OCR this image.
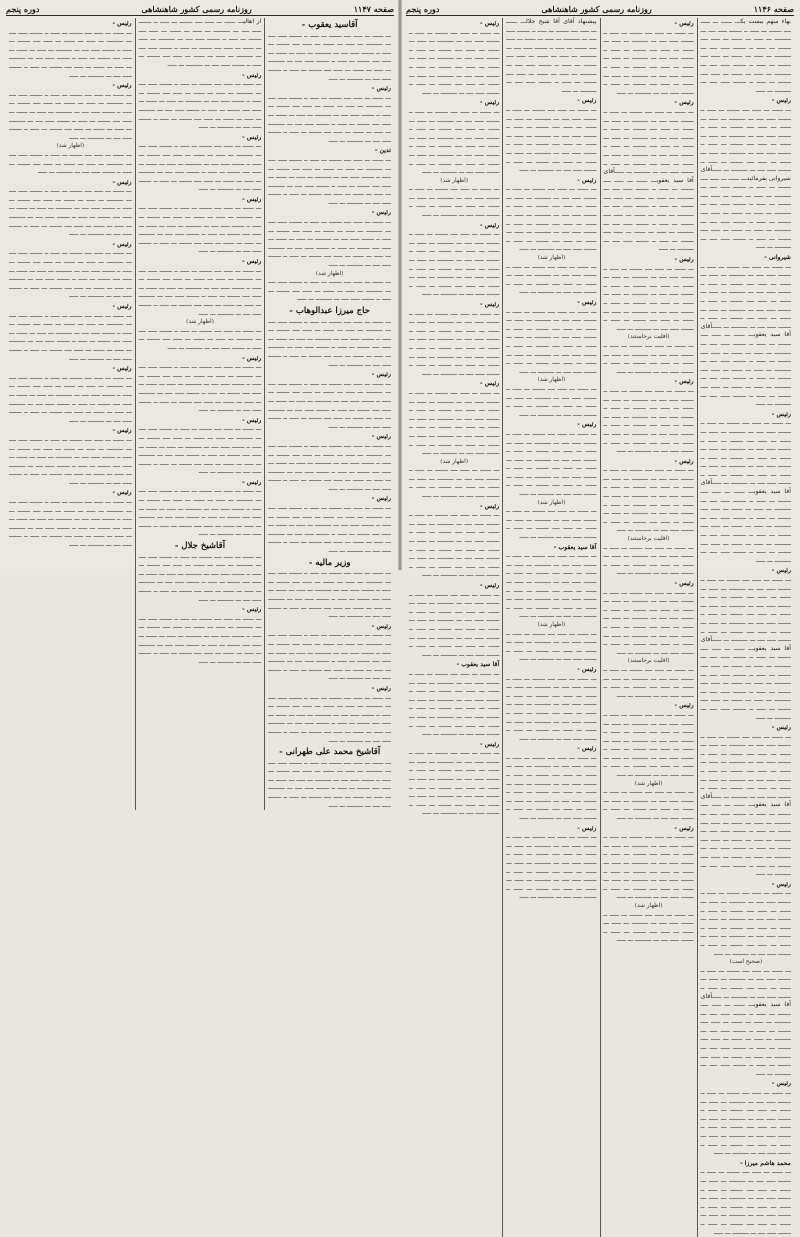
صفحه ۱۱۴۶
روزنامه رسمی کشور شاهنشاهی
دوره پنجم
بهاء سهم بیست یکـــ ــــــ ـــ ـــــ ــــ ـــــــ ـــ ـــــ ــ ـــــــ ـــــ ــــ ـــ ـــــــــ ـــ ـــــ ـــ ــــــ ـــ ـــــ ــــ ـــــــ ـــ ـــــ ــ ـــــــ ـــــ ــــ ـــ ـــــــــ ـــ ـــــ ـــ ــــــ ـــ ـــــ ــــ ـــــــ ـــ ـــــ ــ ـــــــ ـــــ ــــ ـــ ـــــــــ ـــ ـــــ ـــ ــــــ ـــ ـــــ ــــ ـــــــ ـــ ـــــ ــ ـــــــ ـــــ ــــ ـــ ـــــــــ ـــ ـــــ
رئیس -
ـــ ــــــ ـــ ـــــ ــــ ـــــــ ـــ ـــــ ــ ـــــــ ـــــ ــــ ـــ ـــــــــ ـــ ـــــ ـــ ــــــ ـــ ـــــ ــــ ـــــــ ـــ ـــــ ــ ـــــــ ـــــ ــــ ـــ ـــــــــ ـــ ـــــ ـــ ــــــ ـــ ـــــ ــــ ـــــــ ـــ ـــــ ــ ـــــــ ـــــ ــــ ـــ ـــــــــ ـــ ـــــ ـــ ــــــ ـــ ـــــ ــــ ـــــــ ـــ ـــــ ــ ـــــــ ـــــ ــــ ـــ ـــــــــ ـــ ـــــآقای شیروانی بفرمائیدـــ ــــــ ـــ ـــــ ــــ ـــــــ ـــ ـــــ ــ ـــــــ ـــــ ــــ ـــ ـــــــــ ـــ ـــــ ـــ ــــــ ـــ ـــــ ــــ ـــــــ ـــ ـــــ ــ ـــــــ ـــــ ــــ ـــ ـــــــــ ـــ ـــــ ـــ ــــــ ـــ ـــــ ــــ ـــــــ ـــ ـــــ ــ ـــــــ ـــــ ــــ ـــ ـــــــــ ـــ ـــــ ـــ ــــــ ـــ ـــــ ــــ ـــــــ ـــ ـــــ ــ ـــــــ ـــــ ــــ ـــ ـــــــــ ـــ ـــــ
شیروانی -
ـــ ــــــ ـــ ـــــ ــــ ـــــــ ـــ ـــــ ــ ـــــــ ـــــ ــــ ـــ ـــــــــ ـــ ـــــ ـــ ــــــ ـــ ـــــ ــــ ـــــــ ـــ ـــــ ــ ـــــــ ـــــ ــــ ـــ ـــــــــ ـــ ـــــ ـــ ــــــ ـــ ـــــ ــــ ـــــــ ـــ ـــــ ــ ـــــــ ـــــ ــــ ـــ ـــــــــ ـــ ـــــ ـــ ــــــ ـــ ـــــ ــــ ـــــــ ـــ ـــــ ــ ـــــــ ـــــ ــــ ـــ ـــــــــ ـــ ـــــآقای آقا سید یعقوبـــ ــــــ ـــ ـــــ ــــ ـــــــ ـــ ـــــ ــ ـــــــ ـــــ ــــ ـــ ـــــــــ ـــ ـــــ ـــ ــــــ ـــ ـــــ ــــ ـــــــ ـــ ـــــ ــ ـــــــ ـــــ ــــ ـــ ـــــــــ ـــ ـــــ ـــ ــــــ ـــ ـــــ ــــ ـــــــ ـــ ـــــ ــ ـــــــ ـــــ ــــ ـــ ـــــــــ ـــ ـــــ ـــ ــــــ ـــ ـــــ ــــ ـــــــ ـــ ـــــ ــ ـــــــ ـــــ ــــ ـــ ـــــــــ ـــ ـــــ
رئیس -
ـــ ــــــ ـــ ـــــ ــــ ـــــــ ـــ ـــــ ــ ـــــــ ـــــ ــــ ـــ ـــــــــ ـــ ـــــ ـــ ــــــ ـــ ـــــ ــــ ـــــــ ـــ ـــــ ــ ـــــــ ـــــ ــــ ـــ ـــــــــ ـــ ـــــ ـــ ــــــ ـــ ـــــ ــــ ـــــــ ـــ ـــــ ــ ـــــــ ـــــ ــــ ـــ ـــــــــ ـــ ـــــ ـــ ــــــ ـــ ـــــ ــــ ـــــــ ـــ ـــــ ــ ـــــــ ـــــ ــــ ـــ ـــــــــ ـــ ـــــآقای آقا سید یعقوبـــ ــــــ ـــ ـــــ ــــ ـــــــ ـــ ـــــ ــ ـــــــ ـــــ ــــ ـــ ـــــــــ ـــ ـــــ ـــ ــــــ ـــ ـــــ ــــ ـــــــ ـــ ـــــ ــ ـــــــ ـــــ ــــ ـــ ـــــــــ ـــ ـــــ ـــ ــــــ ـــ ـــــ ــــ ـــــــ ـــ ـــــ ــ ـــــــ ـــــ ــــ ـــ ـــــــــ ـــ ـــــ ـــ ــــــ ـــ ـــــ ــــ ـــــــ ـــ ـــــ ــ ـــــــ ـــــ ــــ ـــ ـــــــــ ـــ ـــــ
رئیس -
ـــ ــــــ ـــ ـــــ ــــ ـــــــ ـــ ـــــ ــ ـــــــ ـــــ ــــ ـــ ـــــــــ ـــ ـــــ ـــ ــــــ ـــ ـــــ ــــ ـــــــ ـــ ـــــ ــ ـــــــ ـــــ ــــ ـــ ـــــــــ ـــ ـــــ ـــ ــــــ ـــ ـــــ ــــ ـــــــ ـــ ـــــ ــ ـــــــ ـــــ ــــ ـــ ـــــــــ ـــ ـــــ ـــ ــــــ ـــ ـــــ ــــ ـــــــ ـــ ـــــ ــ ـــــــ ـــــ ــــ ـــ ـــــــــ ـــ ـــــآقای آقا سید یعقوبـــ ــــــ ـــ ـــــ ــــ ـــــــ ـــ ـــــ ــ ـــــــ ـــــ ــــ ـــ ـــــــــ ـــ ـــــ ـــ ــــــ ـــ ـــــ ــــ ـــــــ ـــ ـــــ ــ ـــــــ ـــــ ــــ ـــ ـــــــــ ـــ ـــــ ـــ ــــــ ـــ ـــــ ــــ ـــــــ ـــ ـــــ ــ ـــــــ ـــــ ــــ ـــ ـــــــــ ـــ ـــــ ـــ ــــــ ـــ ـــــ ــــ ـــــــ ـــ ـــــ ــ ـــــــ ـــــ ــــ ـــ ـــــــــ ـــ ـــــ
رئیس -
ـــ ــــــ ـــ ـــــ ــــ ـــــــ ـــ ـــــ ــ ـــــــ ـــــ ــــ ـــ ـــــــــ ـــ ـــــ ـــ ــــــ ـــ ـــــ ــــ ـــــــ ـــ ـــــ ــ ـــــــ ـــــ ــــ ـــ ـــــــــ ـــ ـــــ ـــ ــــــ ـــ ـــــ ــــ ـــــــ ـــ ـــــ ــ ـــــــ ـــــ ــــ ـــ ـــــــــ ـــ ـــــ ـــ ــــــ ـــ ـــــ ــــ ـــــــ ـــ ـــــ ــ ـــــــ ـــــ ــــ ـــ ـــــــــ ـــ ـــــآقای آقا سید یعقوبـــ ــــــ ـــ ـــــ ــــ ـــــــ ـــ ـــــ ــ ـــــــ ـــــ ــــ ـــ ـــــــــ ـــ ـــــ ـــ ــــــ ـــ ـــــ ــــ ـــــــ ـــ ـــــ ــ ـــــــ ـــــ ــــ ـــ ـــــــــ ـــ ـــــ ـــ ــــــ ـــ ـــــ ــــ ـــــــ ـــ ـــــ ــ ـــــــ ـــــ ــــ ـــ ـــــــــ ـــ ـــــ ـــ ــــــ ـــ ـــــ ــــ ـــــــ ـــ ـــــ ــ ـــــــ ـــــ ــــ ـــ ـــــــــ ـــ ـــــ
رئیس -
ـــ ــــــ ـــ ـــــ ــــ ـــــــ ـــ ـــــ ــ ـــــــ ـــــ ــــ ـــ ـــــــــ ـــ ـــــ ـــ ــــــ ـــ ـــــ ــــ ـــــــ ـــ ـــــ ــ ـــــــ ـــــ ــــ ـــ ـــــــــ ـــ ـــــ ـــ ــــــ ـــ ـــــ ــــ ـــــــ ـــ ـــــ ــ ـــــــ ـــــ ــــ ـــ ـــــــــ ـــ ـــــ ـــ ــــــ ـــ ـــــ ــــ ـــــــ ـــ ـــــ ــ ـــــــ ـــــ ــــ ـــ ـــــــــ ـــ ـــــ
(صحیح است)
ـــ ــــــ ـــ ـــــ ــــ ـــــــ ـــ ـــــ ــ ـــــــ ـــــ ــــ ـــ ـــــــــ ـــ ـــــ ـــ ــــــ ـــ ـــــ ــــ ـــــــ ـــ ـــــ ــ ـــــــ ـــــ ــــ ـــ ـــــــــ ـــ ـــــآقای آقا سید یعقوبـــ ــــــ ـــ ـــــ ــــ ـــــــ ـــ ـــــ ــ ـــــــ ـــــ ــــ ـــ ـــــــــ ـــ ـــــ ـــ ــــــ ـــ ـــــ ــــ ـــــــ ـــ ـــــ ــ ـــــــ ـــــ ــــ ـــ ـــــــــ ـــ ـــــ ـــ ــــــ ـــ ـــــ ــــ ـــــــ ـــ ـــــ ــ ـــــــ ـــــ ــــ ـــ ـــــــــ ـــ ـــــ ـــ ــــــ ـــ ـــــ ــــ ـــــــ ـــ ـــــ ــ ـــــــ ـــــ ــــ ـــ ـــــــــ ـــ ـــــ
رئیس -
ـــ ــــــ ـــ ـــــ ــــ ـــــــ ـــ ـــــ ــ ـــــــ ـــــ ــــ ـــ ـــــــــ ـــ ـــــ ـــ ــــــ ـــ ـــــ ــــ ـــــــ ـــ ـــــ ــ ـــــــ ـــــ ــــ ـــ ـــــــــ ـــ ـــــ ـــ ــــــ ـــ ـــــ ــــ ـــــــ ـــ ـــــ ــ ـــــــ ـــــ ــــ ـــ ـــــــــ ـــ ـــــ ـــ ــــــ ـــ ـــــ ــــ ـــــــ ـــ ـــــ ــ ـــــــ ـــــ ــــ ـــ ـــــــــ ـــ ـــــ
محمد هاشم میرزا -
ـــ ــــــ ـــ ـــــ ــــ ـــــــ ـــ ـــــ ــ ـــــــ ـــــ ــــ ـــ ـــــــــ ـــ ـــــ ـــ ــــــ ـــ ـــــ ــــ ـــــــ ـــ ـــــ ــ ـــــــ ـــــ ــــ ـــ ـــــــــ ـــ ـــــ ـــ ــــــ ـــ ـــــ ــــ ـــــــ ـــ ـــــ ــ ـــــــ ـــــ ــــ ـــ ـــــــــ ـــ ـــــ ـــ ــــــ ـــ ـــــ ــــ ـــــــ ـــ ـــــ ــ ـــــــ ـــــ ــــ ـــ ـــــــــ ـــ ـــــ
رئیس -
ـــ ــــــ ـــ ـــــ ــــ ـــــــ ـــ ـــــ ــ ـــــــ ـــــ ــــ ـــ ـــــــــ ـــ ـــــ ـــ ــــــ ـــ ـــــ ــــ ـــــــ ـــ ـــــ ــ ـــــــ ـــــ ــــ ـــ ـــــــــ ـــ ـــــ ـــ ــــــ ـــ ـــــ ــــ ـــــــ ـــ ـــــ ــ ـــــــ ـــــ ــــ ـــ ـــــــــ ـــ ـــــ ـــ ــــــ ـــ ـــــ ــــ ـــــــ ـــ ـــــ ــ ـــــــ ـــــ ــــ ـــ ـــــــــ ـــ ـــــ
رئیس -
ـــ ــــــ ـــ ـــــ ــــ ـــــــ ـــ ـــــ ــ ـــــــ ـــــ ــــ ـــ ـــــــــ ـــ ـــــ ـــ ــــــ ـــ ـــــ ــــ ـــــــ ـــ ـــــ ــ ـــــــ ـــــ ــــ ـــ ـــــــــ ـــ ـــــ ـــ ــــــ ـــ ـــــ ــــ ـــــــ ـــ ـــــ ــ ـــــــ ـــــ ــــ ـــ ـــــــــ ـــ ـــــ ـــ ــــــ ـــ ـــــ ــــ ـــــــ ـــ ـــــ ــ ـــــــ ـــــ ــــ ـــ ـــــــــ ـــ ـــــآقای آقا سید یعقوبـــ ــــــ ـــ ـــــ ــــ ـــــــ ـــ ـــــ ــ ـــــــ ـــــ ــــ ـــ ـــــــــ ـــ ـــــ ـــ ــــــ ـــ ـــــ ــــ ـــــــ ـــ ـــــ ــ ـــــــ ـــــ ــــ ـــ ـــــــــ ـــ ـــــ ـــ ــــــ ـــ ـــــ ــــ ـــــــ ـــ ـــــ ــ ـــــــ ـــــ ــــ ـــ ـــــــــ ـــ ـــــ ـــ ــــــ ـــ ـــــ ــــ ـــــــ ـــ ـــــ ــ ـــــــ ـــــ ــــ ـــ ـــــــــ ـــ ـــــ
رئیس -
ـــ ــــــ ـــ ـــــ ــــ ـــــــ ـــ ـــــ ــ ـــــــ ـــــ ــــ ـــ ـــــــــ ـــ ـــــ ـــ ــــــ ـــ ـــــ ــــ ـــــــ ـــ ـــــ ــ ـــــــ ـــــ ــــ ـــ ـــــــــ ـــ ـــــ ـــ ــــــ ـــ ـــــ ــــ ـــــــ ـــ ـــــ ــ ـــــــ ـــــ ــــ ـــ ـــــــــ ـــ ـــــ ـــ ــــــ ـــ ـــــ ــــ ـــــــ ـــ ـــــ ــ ـــــــ ـــــ ــــ ـــ ـــــــــ ـــ ـــــ
(اقلیت برخاستند)
ـــ ــــــ ـــ ـــــ ــــ ـــــــ ـــ ـــــ ــ ـــــــ ـــــ ــــ ـــ ـــــــــ ـــ ـــــ ـــ ــــــ ـــ ـــــ ــــ ـــــــ ـــ ـــــ ــ ـــــــ ـــــ ــــ ـــ ـــــــــ ـــ ـــــ
رئیس -
ـــ ــــــ ـــ ـــــ ــــ ـــــــ ـــ ـــــ ــ ـــــــ ـــــ ــــ ـــ ـــــــــ ـــ ـــــ ـــ ــــــ ـــ ـــــ ــــ ـــــــ ـــ ـــــ ــ ـــــــ ـــــ ــــ ـــ ـــــــــ ـــ ـــــ ـــ ــــــ ـــ ـــــ ــــ ـــــــ ـــ ـــــ ــ ـــــــ ـــــ ــــ ـــ ـــــــــ ـــ ـــــ ـــ ــــــ ـــ ـــــ ــــ ـــــــ ـــ ـــــ ــ ـــــــ ـــــ ــــ ـــ ـــــــــ ـــ ـــــ
رئیس -
ـــ ــــــ ـــ ـــــ ــــ ـــــــ ـــ ـــــ ــ ـــــــ ـــــ ــــ ـــ ـــــــــ ـــ ـــــ ـــ ــــــ ـــ ـــــ ــــ ـــــــ ـــ ـــــ ــ ـــــــ ـــــ ــــ ـــ ـــــــــ ـــ ـــــ ـــ ــــــ ـــ ـــــ ــــ ـــــــ ـــ ـــــ ــ ـــــــ ـــــ ــــ ـــ ـــــــــ ـــ ـــــ ـــ ــــــ ـــ ـــــ ــــ ـــــــ ـــ ـــــ ــ ـــــــ ـــــ ــــ ـــ ـــــــــ ـــ ـــــ
(اقلیت برخاستند)
ـــ ــــــ ـــ ـــــ ــــ ـــــــ ـــ ـــــ ــ ـــــــ ـــــ ــــ ـــ ـــــــــ ـــ ـــــ ـــ ــــــ ـــ ـــــ ــــ ـــــــ ـــ ـــــ ــ ـــــــ ـــــ ــــ ـــ ـــــــــ ـــ ـــــ
رئیس -
ـــ ــــــ ـــ ـــــ ــــ ـــــــ ـــ ـــــ ــ ـــــــ ـــــ ــــ ـــ ـــــــــ ـــ ـــــ ـــ ــــــ ـــ ـــــ ــــ ـــــــ ـــ ـــــ ــ ـــــــ ـــــ ــــ ـــ ـــــــــ ـــ ـــــ ـــ ــــــ ـــ ـــــ ــــ ـــــــ ـــ ـــــ ــ ـــــــ ـــــ ــــ ـــ ـــــــــ ـــ ـــــ ـــ ــــــ ـــ ـــــ ــــ ـــــــ ـــ ـــــ ــ ـــــــ ـــــ ــــ ـــ ـــــــــ ـــ ـــــ
(اقلیت برخاستند)
ـــ ــــــ ـــ ـــــ ــــ ـــــــ ـــ ـــــ ــ ـــــــ ـــــ ــــ ـــ ـــــــــ ـــ ـــــ ـــ ــــــ ـــ ـــــ ــــ ـــــــ ـــ ـــــ ــ ـــــــ ـــــ ــــ ـــ ـــــــــ ـــ ـــــ
رئیس -
ـــ ــــــ ـــ ـــــ ــــ ـــــــ ـــ ـــــ ــ ـــــــ ـــــ ــــ ـــ ـــــــــ ـــ ـــــ ـــ ــــــ ـــ ـــــ ــــ ـــــــ ـــ ـــــ ــ ـــــــ ـــــ ــــ ـــ ـــــــــ ـــ ـــــ ـــ ــــــ ـــ ـــــ ــــ ـــــــ ـــ ـــــ ــ ـــــــ ـــــ ــــ ـــ ـــــــــ ـــ ـــــ ـــ ــــــ ـــ ـــــ ــــ ـــــــ ـــ ـــــ ــ ـــــــ ـــــ ــــ ـــ ـــــــــ ـــ ـــــ
(اظهار شد)
ـــ ــــــ ـــ ـــــ ــــ ـــــــ ـــ ـــــ ــ ـــــــ ـــــ ــــ ـــ ـــــــــ ـــ ـــــ ـــ ــــــ ـــ ـــــ ــــ ـــــــ ـــ ـــــ ــ ـــــــ ـــــ ــــ ـــ ـــــــــ ـــ ـــــ
رئیس -
ـــ ــــــ ـــ ـــــ ــــ ـــــــ ـــ ـــــ ــ ـــــــ ـــــ ــــ ـــ ـــــــــ ـــ ـــــ ـــ ــــــ ـــ ـــــ ــــ ـــــــ ـــ ـــــ ــ ـــــــ ـــــ ــــ ـــ ـــــــــ ـــ ـــــ ـــ ــــــ ـــ ـــــ ــــ ـــــــ ـــ ـــــ ــ ـــــــ ـــــ ــــ ـــ ـــــــــ ـــ ـــــ ـــ ــــــ ـــ ـــــ ــــ ـــــــ ـــ ـــــ ــ ـــــــ ـــــ ــــ ـــ ـــــــــ ـــ ـــــ
(اظهار شد)
ـــ ــــــ ـــ ـــــ ــــ ـــــــ ـــ ـــــ ــ ـــــــ ـــــ ــــ ـــ ـــــــــ ـــ ـــــ ـــ ــــــ ـــ ـــــ ــــ ـــــــ ـــ ـــــ ــ ـــــــ ـــــ ــــ ـــ ـــــــــ ـــ ـــــ
پیشنهاد آقای آقا شیخ جلالـــ ــــــ ـــ ـــــ ــــ ـــــــ ـــ ـــــ ــ ـــــــ ـــــ ــــ ـــ ـــــــــ ـــ ـــــ ـــ ــــــ ـــ ـــــ ــــ ـــــــ ـــ ـــــ ــ ـــــــ ـــــ ــــ ـــ ـــــــــ ـــ ـــــ ـــ ــــــ ـــ ـــــ ــــ ـــــــ ـــ ـــــ ــ ـــــــ ـــــ ــــ ـــ ـــــــــ ـــ ـــــ ـــ ــــــ ـــ ـــــ ــــ ـــــــ ـــ ـــــ ــ ـــــــ ـــــ ــــ ـــ ـــــــــ ـــ ـــــ
رئیس -
ـــ ــــــ ـــ ـــــ ــــ ـــــــ ـــ ـــــ ــ ـــــــ ـــــ ــــ ـــ ـــــــــ ـــ ـــــ ـــ ــــــ ـــ ـــــ ــــ ـــــــ ـــ ـــــ ــ ـــــــ ـــــ ــــ ـــ ـــــــــ ـــ ـــــ ـــ ــــــ ـــ ـــــ ــــ ـــــــ ـــ ـــــ ــ ـــــــ ـــــ ــــ ـــ ـــــــــ ـــ ـــــ ـــ ــــــ ـــ ـــــ ــــ ـــــــ ـــ ـــــ ــ ـــــــ ـــــ ــــ ـــ ـــــــــ ـــ ـــــ
رئیس -
ـــ ــــــ ـــ ـــــ ــــ ـــــــ ـــ ـــــ ــ ـــــــ ـــــ ــــ ـــ ـــــــــ ـــ ـــــ ـــ ــــــ ـــ ـــــ ــــ ـــــــ ـــ ـــــ ــ ـــــــ ـــــ ــــ ـــ ـــــــــ ـــ ـــــ ـــ ــــــ ـــ ـــــ ــــ ـــــــ ـــ ـــــ ــ ـــــــ ـــــ ــــ ـــ ـــــــــ ـــ ـــــ ـــ ــــــ ـــ ـــــ ــــ ـــــــ ـــ ـــــ ــ ـــــــ ـــــ ــــ ـــ ـــــــــ ـــ ـــــ
(اظهار شد)
ـــ ــــــ ـــ ـــــ ــــ ـــــــ ـــ ـــــ ــ ـــــــ ـــــ ــــ ـــ ـــــــــ ـــ ـــــ ـــ ــــــ ـــ ـــــ ــــ ـــــــ ـــ ـــــ ــ ـــــــ ـــــ ــــ ـــ ـــــــــ ـــ ـــــ
رئیس -
ـــ ــــــ ـــ ـــــ ــــ ـــــــ ـــ ـــــ ــ ـــــــ ـــــ ــــ ـــ ـــــــــ ـــ ـــــ ـــ ــــــ ـــ ـــــ ــــ ـــــــ ـــ ـــــ ــ ـــــــ ـــــ ــــ ـــ ـــــــــ ـــ ـــــ ـــ ــــــ ـــ ـــــ ــــ ـــــــ ـــ ـــــ ــ ـــــــ ـــــ ــــ ـــ ـــــــــ ـــ ـــــ ـــ ــــــ ـــ ـــــ ــــ ـــــــ ـــ ـــــ ــ ـــــــ ـــــ ــــ ـــ ـــــــــ ـــ ـــــ
(اظهار شد)
ـــ ــــــ ـــ ـــــ ــــ ـــــــ ـــ ـــــ ــ ـــــــ ـــــ ــــ ـــ ـــــــــ ـــ ـــــ ـــ ــــــ ـــ ـــــ ــــ ـــــــ ـــ ـــــ ــ ـــــــ ـــــ ــــ ـــ ـــــــــ ـــ ـــــ
رئیس -
ـــ ــــــ ـــ ـــــ ــــ ـــــــ ـــ ـــــ ــ ـــــــ ـــــ ــــ ـــ ـــــــــ ـــ ـــــ ـــ ــــــ ـــ ـــــ ــــ ـــــــ ـــ ـــــ ــ ـــــــ ـــــ ــــ ـــ ـــــــــ ـــ ـــــ ـــ ــــــ ـــ ـــــ ــــ ـــــــ ـــ ـــــ ــ ـــــــ ـــــ ــــ ـــ ـــــــــ ـــ ـــــ ـــ ــــــ ـــ ـــــ ــــ ـــــــ ـــ ـــــ ــ ـــــــ ـــــ ــــ ـــ ـــــــــ ـــ ـــــ
(اظهار شد)
ـــ ــــــ ـــ ـــــ ــــ ـــــــ ـــ ـــــ ــ ـــــــ ـــــ ــــ ـــ ـــــــــ ـــ ـــــ ـــ ــــــ ـــ ـــــ ــــ ـــــــ ـــ ـــــ ــ ـــــــ ـــــ ــــ ـــ ـــــــــ ـــ ـــــ
آقا سید یعقوب -
ـــ ــــــ ـــ ـــــ ــــ ـــــــ ـــ ـــــ ــ ـــــــ ـــــ ــــ ـــ ـــــــــ ـــ ـــــ ـــ ــــــ ـــ ـــــ ــــ ـــــــ ـــ ـــــ ــ ـــــــ ـــــ ــــ ـــ ـــــــــ ـــ ـــــ ـــ ــــــ ـــ ـــــ ــــ ـــــــ ـــ ـــــ ــ ـــــــ ـــــ ــــ ـــ ـــــــــ ـــ ـــــ ـــ ــــــ ـــ ـــــ ــــ ـــــــ ـــ ـــــ ــ ـــــــ ـــــ ــــ ـــ ـــــــــ ـــ ـــــ
(اظهار شد)
ـــ ــــــ ـــ ـــــ ــــ ـــــــ ـــ ـــــ ــ ـــــــ ـــــ ــــ ـــ ـــــــــ ـــ ـــــ ـــ ــــــ ـــ ـــــ ــــ ـــــــ ـــ ـــــ ــ ـــــــ ـــــ ــــ ـــ ـــــــــ ـــ ـــــ
رئیس -
ـــ ــــــ ـــ ـــــ ــــ ـــــــ ـــ ـــــ ــ ـــــــ ـــــ ــــ ـــ ـــــــــ ـــ ـــــ ـــ ــــــ ـــ ـــــ ــــ ـــــــ ـــ ـــــ ــ ـــــــ ـــــ ــــ ـــ ـــــــــ ـــ ـــــ ـــ ــــــ ـــ ـــــ ــــ ـــــــ ـــ ـــــ ــ ـــــــ ـــــ ــــ ـــ ـــــــــ ـــ ـــــ ـــ ــــــ ـــ ـــــ ــــ ـــــــ ـــ ـــــ ــ ـــــــ ـــــ ــــ ـــ ـــــــــ ـــ ـــــ
رئیس -
ـــ ــــــ ـــ ـــــ ــــ ـــــــ ـــ ـــــ ــ ـــــــ ـــــ ــــ ـــ ـــــــــ ـــ ـــــ ـــ ــــــ ـــ ـــــ ــــ ـــــــ ـــ ـــــ ــ ـــــــ ـــــ ــــ ـــ ـــــــــ ـــ ـــــ ـــ ــــــ ـــ ـــــ ــــ ـــــــ ـــ ـــــ ــ ـــــــ ـــــ ــــ ـــ ـــــــــ ـــ ـــــ ـــ ــــــ ـــ ـــــ ــــ ـــــــ ـــ ـــــ ــ ـــــــ ـــــ ــــ ـــ ـــــــــ ـــ ـــــ
رئیس -
ـــ ــــــ ـــ ـــــ ــــ ـــــــ ـــ ـــــ ــ ـــــــ ـــــ ــــ ـــ ـــــــــ ـــ ـــــ ـــ ــــــ ـــ ـــــ ــــ ـــــــ ـــ ـــــ ــ ـــــــ ـــــ ــــ ـــ ـــــــــ ـــ ـــــ ـــ ــــــ ـــ ـــــ ــــ ـــــــ ـــ ـــــ ــ ـــــــ ـــــ ــــ ـــ ـــــــــ ـــ ـــــ ـــ ــــــ ـــ ـــــ ــــ ـــــــ ـــ ـــــ ــ ـــــــ ـــــ ــــ ـــ ـــــــــ ـــ ـــــ
رئیس -
ـــ ــــــ ـــ ـــــ ــــ ـــــــ ـــ ـــــ ــ ـــــــ ـــــ ــــ ـــ ـــــــــ ـــ ـــــ ـــ ــــــ ـــ ـــــ ــــ ـــــــ ـــ ـــــ ــ ـــــــ ـــــ ــــ ـــ ـــــــــ ـــ ـــــ ـــ ــــــ ـــ ـــــ ــــ ـــــــ ـــ ـــــ ــ ـــــــ ـــــ ــــ ـــ ـــــــــ ـــ ـــــ ـــ ــــــ ـــ ـــــ ــــ ـــــــ ـــ ـــــ ــ ـــــــ ـــــ ــــ ـــ ـــــــــ ـــ ـــــ
رئیس -
ـــ ــــــ ـــ ـــــ ــــ ـــــــ ـــ ـــــ ــ ـــــــ ـــــ ــــ ـــ ـــــــــ ـــ ـــــ ـــ ــــــ ـــ ـــــ ــــ ـــــــ ـــ ـــــ ــ ـــــــ ـــــ ــــ ـــ ـــــــــ ـــ ـــــ ـــ ــــــ ـــ ـــــ ــــ ـــــــ ـــ ـــــ ــ ـــــــ ـــــ ــــ ـــ ـــــــــ ـــ ـــــ ـــ ــــــ ـــ ـــــ ــــ ـــــــ ـــ ـــــ ــ ـــــــ ـــــ ــــ ـــ ـــــــــ ـــ ـــــ
(اظهار شد)
ـــ ــــــ ـــ ـــــ ــــ ـــــــ ـــ ـــــ ــ ـــــــ ـــــ ــــ ـــ ـــــــــ ـــ ـــــ ـــ ــــــ ـــ ـــــ ــــ ـــــــ ـــ ـــــ ــ ـــــــ ـــــ ــــ ـــ ـــــــــ ـــ ـــــ
رئیس -
ـــ ــــــ ـــ ـــــ ــــ ـــــــ ـــ ـــــ ــ ـــــــ ـــــ ــــ ـــ ـــــــــ ـــ ـــــ ـــ ــــــ ـــ ـــــ ــــ ـــــــ ـــ ـــــ ــ ـــــــ ـــــ ــــ ـــ ـــــــــ ـــ ـــــ ـــ ــــــ ـــ ـــــ ــــ ـــــــ ـــ ـــــ ــ ـــــــ ـــــ ــــ ـــ ـــــــــ ـــ ـــــ ـــ ــــــ ـــ ـــــ ــــ ـــــــ ـــ ـــــ ــ ـــــــ ـــــ ــــ ـــ ـــــــــ ـــ ـــــ
رئیس -
ـــ ــــــ ـــ ـــــ ــــ ـــــــ ـــ ـــــ ــ ـــــــ ـــــ ــــ ـــ ـــــــــ ـــ ـــــ ـــ ــــــ ـــ ـــــ ــــ ـــــــ ـــ ـــــ ــ ـــــــ ـــــ ــــ ـــ ـــــــــ ـــ ـــــ ـــ ــــــ ـــ ـــــ ــــ ـــــــ ـــ ـــــ ــ ـــــــ ـــــ ــــ ـــ ـــــــــ ـــ ـــــ ـــ ــــــ ـــ ـــــ ــــ ـــــــ ـــ ـــــ ــ ـــــــ ـــــ ــــ ـــ ـــــــــ ـــ ـــــ
رئیس -
ـــ ــــــ ـــ ـــــ ــــ ـــــــ ـــ ـــــ ــ ـــــــ ـــــ ــــ ـــ ـــــــــ ـــ ـــــ ـــ ــــــ ـــ ـــــ ــــ ـــــــ ـــ ـــــ ــ ـــــــ ـــــ ــــ ـــ ـــــــــ ـــ ـــــ ـــ ــــــ ـــ ـــــ ــــ ـــــــ ـــ ـــــ ــ ـــــــ ـــــ ــــ ـــ ـــــــــ ـــ ـــــ ـــ ــــــ ـــ ـــــ ــــ ـــــــ ـــ ـــــ ــ ـــــــ ـــــ ــــ ـــ ـــــــــ ـــ ـــــ
(اظهار شد)
ـــ ــــــ ـــ ـــــ ــــ ـــــــ ـــ ـــــ ــ ـــــــ ـــــ ــــ ـــ ـــــــــ ـــ ـــــ ـــ ــــــ ـــ ـــــ ــــ ـــــــ ـــ ـــــ ــ ـــــــ ـــــ ــــ ـــ ـــــــــ ـــ ـــــ
رئیس -
ـــ ــــــ ـــ ـــــ ــــ ـــــــ ـــ ـــــ ــ ـــــــ ـــــ ــــ ـــ ـــــــــ ـــ ـــــ ـــ ــــــ ـــ ـــــ ــــ ـــــــ ـــ ـــــ ــ ـــــــ ـــــ ــــ ـــ ـــــــــ ـــ ـــــ ـــ ــــــ ـــ ـــــ ــــ ـــــــ ـــ ـــــ ــ ـــــــ ـــــ ــــ ـــ ـــــــــ ـــ ـــــ ـــ ــــــ ـــ ـــــ ــــ ـــــــ ـــ ـــــ ــ ـــــــ ـــــ ــــ ـــ ـــــــــ ـــ ـــــ
رئیس -
ـــ ــــــ ـــ ـــــ ــــ ـــــــ ـــ ـــــ ــ ـــــــ ـــــ ــــ ـــ ـــــــــ ـــ ـــــ ـــ ــــــ ـــ ـــــ ــــ ـــــــ ـــ ـــــ ــ ـــــــ ـــــ ــــ ـــ ـــــــــ ـــ ـــــ ـــ ــــــ ـــ ـــــ ــــ ـــــــ ـــ ـــــ ــ ـــــــ ـــــ ــــ ـــ ـــــــــ ـــ ـــــ ـــ ــــــ ـــ ـــــ ــــ ـــــــ ـــ ـــــ ــ ـــــــ ـــــ ــــ ـــ ـــــــــ ـــ ـــــ
آقا سید یعقوب -
ـــ ــــــ ـــ ـــــ ــــ ـــــــ ـــ ـــــ ــ ـــــــ ـــــ ــــ ـــ ـــــــــ ـــ ـــــ ـــ ــــــ ـــ ـــــ ــــ ـــــــ ـــ ـــــ ــ ـــــــ ـــــ ــــ ـــ ـــــــــ ـــ ـــــ ـــ ــــــ ـــ ـــــ ــــ ـــــــ ـــ ـــــ ــ ـــــــ ـــــ ــــ ـــ ـــــــــ ـــ ـــــ ـــ ــــــ ـــ ـــــ ــــ ـــــــ ـــ ـــــ ــ ـــــــ ـــــ ــــ ـــ ـــــــــ ـــ ـــــ
رئیس -
ـــ ــــــ ـــ ـــــ ــــ ـــــــ ـــ ـــــ ــ ـــــــ ـــــ ــــ ـــ ـــــــــ ـــ ـــــ ـــ ــــــ ـــ ـــــ ــــ ـــــــ ـــ ـــــ ــ ـــــــ ـــــ ــــ ـــ ـــــــــ ـــ ـــــ ـــ ــــــ ـــ ـــــ ــــ ـــــــ ـــ ـــــ ــ ـــــــ ـــــ ــــ ـــ ـــــــــ ـــ ـــــ ـــ ــــــ ـــ ـــــ ــــ ـــــــ ـــ ـــــ ــ ـــــــ ـــــ ــــ ـــ ـــــــــ ـــ ـــــ
صفحه ۱۱۴۷
روزنامه رسمی کشور شاهنشاهی
دوره پنجم
آقاسید یعقوب -
ـــ ــــــ ـــ ـــــ ــــ ـــــــ ـــ ـــــ ــ ـــــــ ـــــ ــــ ـــ ـــــــــ ـــ ـــــ ـــ ــــــ ـــ ـــــ ــــ ـــــــ ـــ ـــــ ــ ـــــــ ـــــ ــــ ـــ ـــــــــ ـــ ـــــ ـــ ــــــ ـــ ـــــ ــــ ـــــــ ـــ ـــــ ــ ـــــــ ـــــ ــــ ـــ ـــــــــ ـــ ـــــ ـــ ــــــ ـــ ـــــ ــــ ـــــــ ـــ ـــــ ــ ـــــــ ـــــ ــــ ـــ ـــــــــ ـــ ـــــ
رئیس -
ـــ ــــــ ـــ ـــــ ــــ ـــــــ ـــ ـــــ ــ ـــــــ ـــــ ــــ ـــ ـــــــــ ـــ ـــــ ـــ ــــــ ـــ ـــــ ــــ ـــــــ ـــ ـــــ ــ ـــــــ ـــــ ــــ ـــ ـــــــــ ـــ ـــــ ـــ ــــــ ـــ ـــــ ــــ ـــــــ ـــ ـــــ ــ ـــــــ ـــــ ــــ ـــ ـــــــــ ـــ ـــــ ـــ ــــــ ـــ ـــــ ــــ ـــــــ ـــ ـــــ ــ ـــــــ ـــــ ــــ ـــ ـــــــــ ـــ ـــــ
تدین -
ـــ ــــــ ـــ ـــــ ــــ ـــــــ ـــ ـــــ ــ ـــــــ ـــــ ــــ ـــ ـــــــــ ـــ ـــــ ـــ ــــــ ـــ ـــــ ــــ ـــــــ ـــ ـــــ ــ ـــــــ ـــــ ــــ ـــ ـــــــــ ـــ ـــــ ـــ ــــــ ـــ ـــــ ــــ ـــــــ ـــ ـــــ ــ ـــــــ ـــــ ــــ ـــ ـــــــــ ـــ ـــــ ـــ ــــــ ـــ ـــــ ــــ ـــــــ ـــ ـــــ ــ ـــــــ ـــــ ــــ ـــ ـــــــــ ـــ ـــــ
رئیس -
ـــ ــــــ ـــ ـــــ ــــ ـــــــ ـــ ـــــ ــ ـــــــ ـــــ ــــ ـــ ـــــــــ ـــ ـــــ ـــ ــــــ ـــ ـــــ ــــ ـــــــ ـــ ـــــ ــ ـــــــ ـــــ ــــ ـــ ـــــــــ ـــ ـــــ ـــ ــــــ ـــ ـــــ ــــ ـــــــ ـــ ـــــ ــ ـــــــ ـــــ ــــ ـــ ـــــــــ ـــ ـــــ ـــ ــــــ ـــ ـــــ ــــ ـــــــ ـــ ـــــ ــ ـــــــ ـــــ ــــ ـــ ـــــــــ ـــ ـــــ
(اظهار شد)
ـــ ــــــ ـــ ـــــ ــــ ـــــــ ـــ ـــــ ــ ـــــــ ـــــ ــــ ـــ ـــــــــ ـــ ـــــ ـــ ــــــ ـــ ـــــ ــــ ـــــــ ـــ ـــــ ــ ـــــــ ـــــ ــــ ـــ ـــــــــ ـــ ـــــ
حاج میرزا عبدالوهاب -
ـــ ــــــ ـــ ـــــ ــــ ـــــــ ـــ ـــــ ــ ـــــــ ـــــ ــــ ـــ ـــــــــ ـــ ـــــ ـــ ــــــ ـــ ـــــ ــــ ـــــــ ـــ ـــــ ــ ـــــــ ـــــ ــــ ـــ ـــــــــ ـــ ـــــ ـــ ــــــ ـــ ـــــ ــــ ـــــــ ـــ ـــــ ــ ـــــــ ـــــ ــــ ـــ ـــــــــ ـــ ـــــ ـــ ــــــ ـــ ـــــ ــــ ـــــــ ـــ ـــــ ــ ـــــــ ـــــ ــــ ـــ ـــــــــ ـــ ـــــ
رئیس -
ـــ ــــــ ـــ ـــــ ــــ ـــــــ ـــ ـــــ ــ ـــــــ ـــــ ــــ ـــ ـــــــــ ـــ ـــــ ـــ ــــــ ـــ ـــــ ــــ ـــــــ ـــ ـــــ ــ ـــــــ ـــــ ــــ ـــ ـــــــــ ـــ ـــــ ـــ ــــــ ـــ ـــــ ــــ ـــــــ ـــ ـــــ ــ ـــــــ ـــــ ــــ ـــ ـــــــــ ـــ ـــــ ـــ ــــــ ـــ ـــــ ــــ ـــــــ ـــ ـــــ ــ ـــــــ ـــــ ــــ ـــ ـــــــــ ـــ ـــــ
رئیس -
ـــ ــــــ ـــ ـــــ ــــ ـــــــ ـــ ـــــ ــ ـــــــ ـــــ ــــ ـــ ـــــــــ ـــ ـــــ ـــ ــــــ ـــ ـــــ ــــ ـــــــ ـــ ـــــ ــ ـــــــ ـــــ ــــ ـــ ـــــــــ ـــ ـــــ ـــ ــــــ ـــ ـــــ ــــ ـــــــ ـــ ـــــ ــ ـــــــ ـــــ ــــ ـــ ـــــــــ ـــ ـــــ ـــ ــــــ ـــ ـــــ ــــ ـــــــ ـــ ـــــ ــ ـــــــ ـــــ ــــ ـــ ـــــــــ ـــ ـــــ
رئیس -
ـــ ــــــ ـــ ـــــ ــــ ـــــــ ـــ ـــــ ــ ـــــــ ـــــ ــــ ـــ ـــــــــ ـــ ـــــ ـــ ــــــ ـــ ـــــ ــــ ـــــــ ـــ ـــــ ــ ـــــــ ـــــ ــــ ـــ ـــــــــ ـــ ـــــ ـــ ــــــ ـــ ـــــ ــــ ـــــــ ـــ ـــــ ــ ـــــــ ـــــ ــــ ـــ ـــــــــ ـــ ـــــ ـــ ــــــ ـــ ـــــ ــــ ـــــــ ـــ ـــــ ــ ـــــــ ـــــ ــــ ـــ ـــــــــ ـــ ـــــ
وزیر مالیه -
ـــ ــــــ ـــ ـــــ ــــ ـــــــ ـــ ـــــ ــ ـــــــ ـــــ ــــ ـــ ـــــــــ ـــ ـــــ ـــ ــــــ ـــ ـــــ ــــ ـــــــ ـــ ـــــ ــ ـــــــ ـــــ ــــ ـــ ـــــــــ ـــ ـــــ ـــ ــــــ ـــ ـــــ ــــ ـــــــ ـــ ـــــ ــ ـــــــ ـــــ ــــ ـــ ـــــــــ ـــ ـــــ ـــ ــــــ ـــ ـــــ ــــ ـــــــ ـــ ـــــ ــ ـــــــ ـــــ ــــ ـــ ـــــــــ ـــ ـــــ
رئیس -
ـــ ــــــ ـــ ـــــ ــــ ـــــــ ـــ ـــــ ــ ـــــــ ـــــ ــــ ـــ ـــــــــ ـــ ـــــ ـــ ــــــ ـــ ـــــ ــــ ـــــــ ـــ ـــــ ــ ـــــــ ـــــ ــــ ـــ ـــــــــ ـــ ـــــ ـــ ــــــ ـــ ـــــ ــــ ـــــــ ـــ ـــــ ــ ـــــــ ـــــ ــــ ـــ ـــــــــ ـــ ـــــ ـــ ــــــ ـــ ـــــ ــــ ـــــــ ـــ ـــــ ــ ـــــــ ـــــ ــــ ـــ ـــــــــ ـــ ـــــ
رئیس -
ـــ ــــــ ـــ ـــــ ــــ ـــــــ ـــ ـــــ ــ ـــــــ ـــــ ــــ ـــ ـــــــــ ـــ ـــــ ـــ ــــــ ـــ ـــــ ــــ ـــــــ ـــ ـــــ ــ ـــــــ ـــــ ــــ ـــ ـــــــــ ـــ ـــــ ـــ ــــــ ـــ ـــــ ــــ ـــــــ ـــ ـــــ ــ ـــــــ ـــــ ــــ ـــ ـــــــــ ـــ ـــــ ـــ ــــــ ـــ ـــــ ــــ ـــــــ ـــ ـــــ ــ ـــــــ ـــــ ــــ ـــ ـــــــــ ـــ ـــــ
آقاشیخ محمد علی طهرانی -
ـــ ــــــ ـــ ـــــ ــــ ـــــــ ـــ ـــــ ــ ـــــــ ـــــ ــــ ـــ ـــــــــ ـــ ـــــ ـــ ــــــ ـــ ـــــ ــــ ـــــــ ـــ ـــــ ــ ـــــــ ـــــ ــــ ـــ ـــــــــ ـــ ـــــ ـــ ــــــ ـــ ـــــ ــــ ـــــــ ـــ ـــــ ــ ـــــــ ـــــ ــــ ـــ ـــــــــ ـــ ـــــ ـــ ــــــ ـــ ـــــ ــــ ـــــــ ـــ ـــــ ــ ـــــــ ـــــ ــــ ـــ ـــــــــ ـــ ـــــ
از اهالیـــ ــــــ ـــ ـــــ ــــ ـــــــ ـــ ـــــ ــ ـــــــ ـــــ ــــ ـــ ـــــــــ ـــ ـــــ ـــ ــــــ ـــ ـــــ ــــ ـــــــ ـــ ـــــ ــ ـــــــ ـــــ ــــ ـــ ـــــــــ ـــ ـــــ ـــ ــــــ ـــ ـــــ ــــ ـــــــ ـــ ـــــ ــ ـــــــ ـــــ ــــ ـــ ـــــــــ ـــ ـــــ ـــ ــــــ ـــ ـــــ ــــ ـــــــ ـــ ـــــ ــ ـــــــ ـــــ ــــ ـــ ـــــــــ ـــ ـــــ
رئیس -
ـــ ــــــ ـــ ـــــ ــــ ـــــــ ـــ ـــــ ــ ـــــــ ـــــ ــــ ـــ ـــــــــ ـــ ـــــ ـــ ــــــ ـــ ـــــ ــــ ـــــــ ـــ ـــــ ــ ـــــــ ـــــ ــــ ـــ ـــــــــ ـــ ـــــ ـــ ــــــ ـــ ـــــ ــــ ـــــــ ـــ ـــــ ــ ـــــــ ـــــ ــــ ـــ ـــــــــ ـــ ـــــ ـــ ــــــ ـــ ـــــ ــــ ـــــــ ـــ ـــــ ــ ـــــــ ـــــ ــــ ـــ ـــــــــ ـــ ـــــ
رئیس -
ـــ ــــــ ـــ ـــــ ــــ ـــــــ ـــ ـــــ ــ ـــــــ ـــــ ــــ ـــ ـــــــــ ـــ ـــــ ـــ ــــــ ـــ ـــــ ــــ ـــــــ ـــ ـــــ ــ ـــــــ ـــــ ــــ ـــ ـــــــــ ـــ ـــــ ـــ ــــــ ـــ ـــــ ــــ ـــــــ ـــ ـــــ ــ ـــــــ ـــــ ــــ ـــ ـــــــــ ـــ ـــــ ـــ ــــــ ـــ ـــــ ــــ ـــــــ ـــ ـــــ ــ ـــــــ ـــــ ــــ ـــ ـــــــــ ـــ ـــــ
رئیس -
ـــ ــــــ ـــ ـــــ ــــ ـــــــ ـــ ـــــ ــ ـــــــ ـــــ ــــ ـــ ـــــــــ ـــ ـــــ ـــ ــــــ ـــ ـــــ ــــ ـــــــ ـــ ـــــ ــ ـــــــ ـــــ ــــ ـــ ـــــــــ ـــ ـــــ ـــ ــــــ ـــ ـــــ ــــ ـــــــ ـــ ـــــ ــ ـــــــ ـــــ ــــ ـــ ـــــــــ ـــ ـــــ ـــ ــــــ ـــ ـــــ ــــ ـــــــ ـــ ـــــ ــ ـــــــ ـــــ ــــ ـــ ـــــــــ ـــ ـــــ
رئیس -
ـــ ــــــ ـــ ـــــ ــــ ـــــــ ـــ ـــــ ــ ـــــــ ـــــ ــــ ـــ ـــــــــ ـــ ـــــ ـــ ــــــ ـــ ـــــ ــــ ـــــــ ـــ ـــــ ــ ـــــــ ـــــ ــــ ـــ ـــــــــ ـــ ـــــ ـــ ــــــ ـــ ـــــ ــــ ـــــــ ـــ ـــــ ــ ـــــــ ـــــ ــــ ـــ ـــــــــ ـــ ـــــ ـــ ــــــ ـــ ـــــ ــــ ـــــــ ـــ ـــــ ــ ـــــــ ـــــ ــــ ـــ ـــــــــ ـــ ـــــ
(اظهار شد)
ـــ ــــــ ـــ ـــــ ــــ ـــــــ ـــ ـــــ ــ ـــــــ ـــــ ــــ ـــ ـــــــــ ـــ ـــــ ـــ ــــــ ـــ ـــــ ــــ ـــــــ ـــ ـــــ ــ ـــــــ ـــــ ــــ ـــ ـــــــــ ـــ ـــــ
رئیس -
ـــ ــــــ ـــ ـــــ ــــ ـــــــ ـــ ـــــ ــ ـــــــ ـــــ ــــ ـــ ـــــــــ ـــ ـــــ ـــ ــــــ ـــ ـــــ ــــ ـــــــ ـــ ـــــ ــ ـــــــ ـــــ ــــ ـــ ـــــــــ ـــ ـــــ ـــ ــــــ ـــ ـــــ ــــ ـــــــ ـــ ـــــ ــ ـــــــ ـــــ ــــ ـــ ـــــــــ ـــ ـــــ ـــ ــــــ ـــ ـــــ ــــ ـــــــ ـــ ـــــ ــ ـــــــ ـــــ ــــ ـــ ـــــــــ ـــ ـــــ
رئیس -
ـــ ــــــ ـــ ـــــ ــــ ـــــــ ـــ ـــــ ــ ـــــــ ـــــ ــــ ـــ ـــــــــ ـــ ـــــ ـــ ــــــ ـــ ـــــ ــــ ـــــــ ـــ ـــــ ــ ـــــــ ـــــ ــــ ـــ ـــــــــ ـــ ـــــ ـــ ــــــ ـــ ـــــ ــــ ـــــــ ـــ ـــــ ــ ـــــــ ـــــ ــــ ـــ ـــــــــ ـــ ـــــ ـــ ــــــ ـــ ـــــ ــــ ـــــــ ـــ ـــــ ــ ـــــــ ـــــ ــــ ـــ ـــــــــ ـــ ـــــ
رئیس -
ـــ ــــــ ـــ ـــــ ــــ ـــــــ ـــ ـــــ ــ ـــــــ ـــــ ــــ ـــ ـــــــــ ـــ ـــــ ـــ ــــــ ـــ ـــــ ــــ ـــــــ ـــ ـــــ ــ ـــــــ ـــــ ــــ ـــ ـــــــــ ـــ ـــــ ـــ ــــــ ـــ ـــــ ــــ ـــــــ ـــ ـــــ ــ ـــــــ ـــــ ــــ ـــ ـــــــــ ـــ ـــــ ـــ ــــــ ـــ ـــــ ــــ ـــــــ ـــ ـــــ ــ ـــــــ ـــــ ــــ ـــ ـــــــــ ـــ ـــــ
آقاشیخ جلال -
ـــ ــــــ ـــ ـــــ ــــ ـــــــ ـــ ـــــ ــ ـــــــ ـــــ ــــ ـــ ـــــــــ ـــ ـــــ ـــ ــــــ ـــ ـــــ ــــ ـــــــ ـــ ـــــ ــ ـــــــ ـــــ ــــ ـــ ـــــــــ ـــ ـــــ ـــ ــــــ ـــ ـــــ ــــ ـــــــ ـــ ـــــ ــ ـــــــ ـــــ ــــ ـــ ـــــــــ ـــ ـــــ ـــ ــــــ ـــ ـــــ ــــ ـــــــ ـــ ـــــ ــ ـــــــ ـــــ ــــ ـــ ـــــــــ ـــ ـــــ
رئیس -
ـــ ــــــ ـــ ـــــ ــــ ـــــــ ـــ ـــــ ــ ـــــــ ـــــ ــــ ـــ ـــــــــ ـــ ـــــ ـــ ــــــ ـــ ـــــ ــــ ـــــــ ـــ ـــــ ــ ـــــــ ـــــ ــــ ـــ ـــــــــ ـــ ـــــ ـــ ــــــ ـــ ـــــ ــــ ـــــــ ـــ ـــــ ــ ـــــــ ـــــ ــــ ـــ ـــــــــ ـــ ـــــ ـــ ــــــ ـــ ـــــ ــــ ـــــــ ـــ ـــــ ــ ـــــــ ـــــ ــــ ـــ ـــــــــ ـــ ـــــ
رئیس -
ـــ ــــــ ـــ ـــــ ــــ ـــــــ ـــ ـــــ ــ ـــــــ ـــــ ــــ ـــ ـــــــــ ـــ ـــــ ـــ ــــــ ـــ ـــــ ــــ ـــــــ ـــ ـــــ ــ ـــــــ ـــــ ــــ ـــ ـــــــــ ـــ ـــــ ـــ ــــــ ـــ ـــــ ــــ ـــــــ ـــ ـــــ ــ ـــــــ ـــــ ــــ ـــ ـــــــــ ـــ ـــــ ـــ ــــــ ـــ ـــــ ــــ ـــــــ ـــ ـــــ ــ ـــــــ ـــــ ــــ ـــ ـــــــــ ـــ ـــــ
رئیس -
ـــ ــــــ ـــ ـــــ ــــ ـــــــ ـــ ـــــ ــ ـــــــ ـــــ ــــ ـــ ـــــــــ ـــ ـــــ ـــ ــــــ ـــ ـــــ ــــ ـــــــ ـــ ـــــ ــ ـــــــ ـــــ ــــ ـــ ـــــــــ ـــ ـــــ ـــ ــــــ ـــ ـــــ ــــ ـــــــ ـــ ـــــ ــ ـــــــ ـــــ ــــ ـــ ـــــــــ ـــ ـــــ ـــ ــــــ ـــ ـــــ ــــ ـــــــ ـــ ـــــ ــ ـــــــ ـــــ ــــ ـــ ـــــــــ ـــ ـــــ
(اظهار شد)
ـــ ــــــ ـــ ـــــ ــــ ـــــــ ـــ ـــــ ــ ـــــــ ـــــ ــــ ـــ ـــــــــ ـــ ـــــ ـــ ــــــ ـــ ـــــ ــــ ـــــــ ـــ ـــــ ــ ـــــــ ـــــ ــــ ـــ ـــــــــ ـــ ـــــ
رئیس -
ـــ ــــــ ـــ ـــــ ــــ ـــــــ ـــ ـــــ ــ ـــــــ ـــــ ــــ ـــ ـــــــــ ـــ ـــــ ـــ ــــــ ـــ ـــــ ــــ ـــــــ ـــ ـــــ ــ ـــــــ ـــــ ــــ ـــ ـــــــــ ـــ ـــــ ـــ ــــــ ـــ ـــــ ــــ ـــــــ ـــ ـــــ ــ ـــــــ ـــــ ــــ ـــ ـــــــــ ـــ ـــــ ـــ ــــــ ـــ ـــــ ــــ ـــــــ ـــ ـــــ ــ ـــــــ ـــــ ــــ ـــ ـــــــــ ـــ ـــــ
رئیس -
ـــ ــــــ ـــ ـــــ ــــ ـــــــ ـــ ـــــ ــ ـــــــ ـــــ ــــ ـــ ـــــــــ ـــ ـــــ ـــ ــــــ ـــ ـــــ ــــ ـــــــ ـــ ـــــ ــ ـــــــ ـــــ ــــ ـــ ـــــــــ ـــ ـــــ ـــ ــــــ ـــ ـــــ ــــ ـــــــ ـــ ـــــ ــ ـــــــ ـــــ ــــ ـــ ـــــــــ ـــ ـــــ ـــ ــــــ ـــ ـــــ ــــ ـــــــ ـــ ـــــ ــ ـــــــ ـــــ ــــ ـــ ـــــــــ ـــ ـــــ
رئیس -
ـــ ــــــ ـــ ـــــ ــــ ـــــــ ـــ ـــــ ــ ـــــــ ـــــ ــــ ـــ ـــــــــ ـــ ـــــ ـــ ــــــ ـــ ـــــ ــــ ـــــــ ـــ ـــــ ــ ـــــــ ـــــ ــــ ـــ ـــــــــ ـــ ـــــ ـــ ــــــ ـــ ـــــ ــــ ـــــــ ـــ ـــــ ــ ـــــــ ـــــ ــــ ـــ ـــــــــ ـــ ـــــ ـــ ــــــ ـــ ـــــ ــــ ـــــــ ـــ ـــــ ــ ـــــــ ـــــ ــــ ـــ ـــــــــ ـــ ـــــ
رئیس -
ـــ ــــــ ـــ ـــــ ــــ ـــــــ ـــ ـــــ ــ ـــــــ ـــــ ــــ ـــ ـــــــــ ـــ ـــــ ـــ ــــــ ـــ ـــــ ــــ ـــــــ ـــ ـــــ ــ ـــــــ ـــــ ــــ ـــ ـــــــــ ـــ ـــــ ـــ ــــــ ـــ ـــــ ــــ ـــــــ ـــ ـــــ ــ ـــــــ ـــــ ــــ ـــ ـــــــــ ـــ ـــــ ـــ ــــــ ـــ ـــــ ــــ ـــــــ ـــ ـــــ ــ ـــــــ ـــــ ــــ ـــ ـــــــــ ـــ ـــــ
رئیس -
ـــ ــــــ ـــ ـــــ ــــ ـــــــ ـــ ـــــ ــ ـــــــ ـــــ ــــ ـــ ـــــــــ ـــ ـــــ ـــ ــــــ ـــ ـــــ ــــ ـــــــ ـــ ـــــ ــ ـــــــ ـــــ ــــ ـــ ـــــــــ ـــ ـــــ ـــ ــــــ ـــ ـــــ ــــ ـــــــ ـــ ـــــ ــ ـــــــ ـــــ ــــ ـــ ـــــــــ ـــ ـــــ ـــ ــــــ ـــ ـــــ ــــ ـــــــ ـــ ـــــ ــ ـــــــ ـــــ ــــ ـــ ـــــــــ ـــ ـــــ
رئیس -
ـــ ــــــ ـــ ـــــ ــــ ـــــــ ـــ ـــــ ــ ـــــــ ـــــ ــــ ـــ ـــــــــ ـــ ـــــ ـــ ــــــ ـــ ـــــ ــــ ـــــــ ـــ ـــــ ــ ـــــــ ـــــ ــــ ـــ ـــــــــ ـــ ـــــ ـــ ــــــ ـــ ـــــ ــــ ـــــــ ـــ ـــــ ــ ـــــــ ـــــ ــــ ـــ ـــــــــ ـــ ـــــ ـــ ــــــ ـــ ـــــ ــــ ـــــــ ـــ ـــــ ــ ـــــــ ـــــ ــــ ـــ ـــــــــ ـــ ـــــ
